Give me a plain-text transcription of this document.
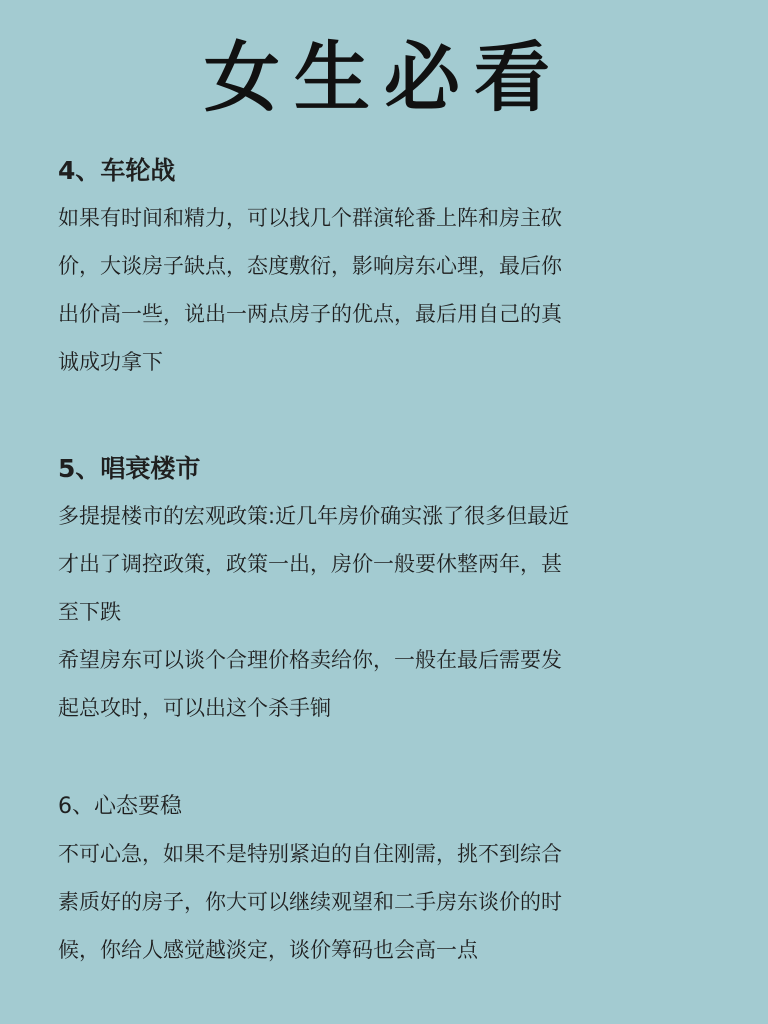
女生必看
4、车轮战
如果有时间和精力，可以找几个群演轮番上阵和房主砍
价，大谈房子缺点，态度敷衍，影响房东心理，最后你
出价高一些，说出一两点房子的优点，最后用自己的真
诚成功拿下
5、唱衰楼市
多提提楼市的宏观政策:近几年房价确实涨了很多但最近
才出了调控政策，政策一出，房价一般要休整两年，甚
至下跌
希望房东可以谈个合理价格卖给你，一般在最后需要发
起总攻时，可以出这个杀手锏
6、心态要稳
不可心急，如果不是特别紧迫的自住刚需，挑不到综合
素质好的房子，你大可以继续观望和二手房东谈价的时
候，你给人感觉越淡定，谈价筹码也会高一点
